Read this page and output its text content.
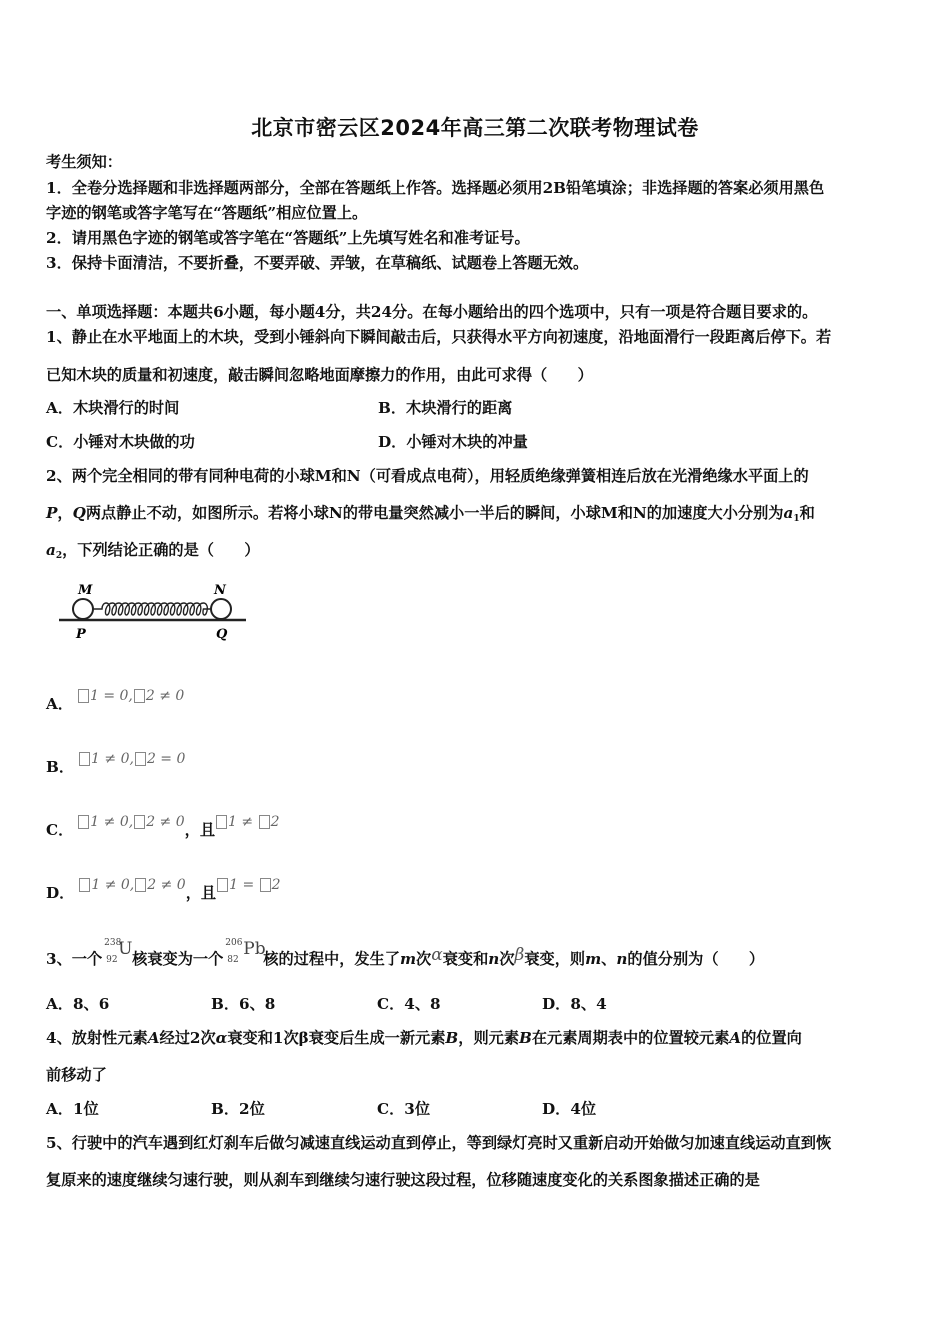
北京市密云区2024年高三第二次联考物理试卷
考生须知：
1．全卷分选择题和非选择题两部分，全部在答题纸上作答。选择题必须用2B铅笔填涂；非选择题的答案必须用黑色
字迹的钢笔或答字笔写在“答题纸”相应位置上。
2．请用黑色字迹的钢笔或答字笔在“答题纸”上先填写姓名和准考证号。
3．保持卡面清洁，不要折叠，不要弄破、弄皱，在草稿纸、试题卷上答题无效。
一、单项选择题：本题共6小题，每小题4分，共24分。在每小题给出的四个选项中，只有一项是符合题目要求的。
1、静止在水平地面上的木块，受到小锤斜向下瞬间敲击后，只获得水平方向初速度，沿地面滑行一段距离后停下。若
已知木块的质量和初速度，敲击瞬间忽略地面摩擦力的作用，由此可求得（　　）
A．木块滑行的时间	B．木块滑行的距离
C．小锤对木块做的功	D．小锤对木块的冲量
2、两个完全相同的带有同种电荷的小球M和N（可看成点电荷），用轻质绝缘弹簧相连后放在光滑绝缘水平面上的
P，Q两点静止不动，如图所示。若将小球N的带电量突然减小一半后的瞬间，小球M和N的加速度大小分别为$a_1$和
$a_2$，下列结论正确的是（　　）
M	N
P	Q
A． 1 = 0, 2 ≠ 0
B． 1 ≠ 0, 2 = 0
C． 1 ≠ 0, 2 ≠ 0，且 1 ≠ 2
D． 1 ≠ 0, 2 ≠ 0，且 1 = 2
3、一个
238
92
U 核衰变为一个
206
82
Pb
核的过程中，发生了m次α衰变和n次β衰变，则m、n的值分别为（　　）
A．8、6	B．6、8	C．4、8	D．8、4
4、放射性元素A经过2次α衰变和1次β衰变后生成一新元素B，则元素B在元素周期表中的位置较元素A的位置向
前移动了
A．1位	B．2位	C．3位	D．4位
5、行驶中的汽车遇到红灯刹车后做匀减速直线运动直到停止，等到绿灯亮时又重新启动开始做匀加速直线运动直到恢
复原来的速度继续匀速行驶，则从刹车到继续匀速行驶这段过程，位移随速度变化的关系图象描述正确的是
